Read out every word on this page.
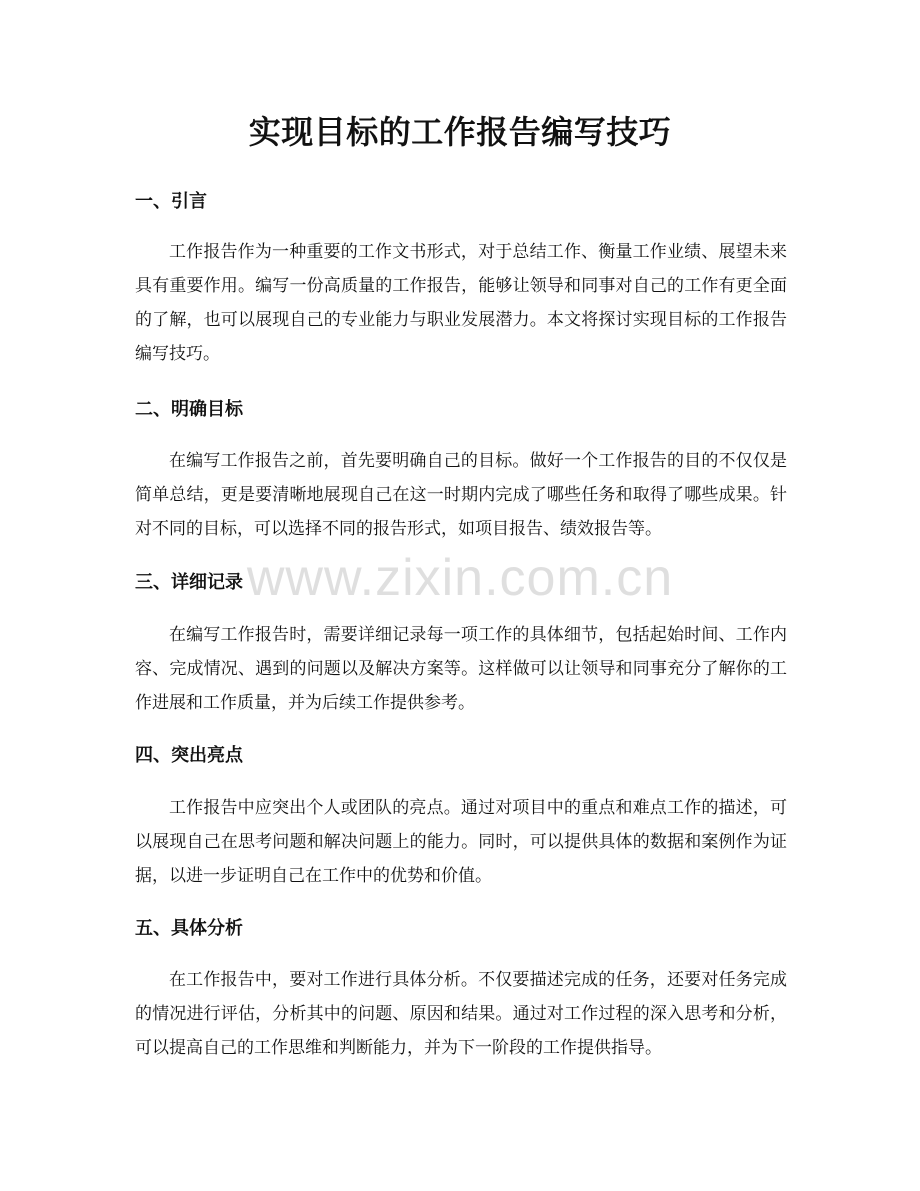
实现目标的工作报告编写技巧
www.zixin.com.cn
一、引言

工作报告作为一种重要的工作文书形式，对于总结工作、衡量工作业绩、展望未来具有重要作用。编写一份高质量的工作报告，能够让领导和同事对自己的工作有更全面的了解，也可以展现自己的专业能力与职业发展潜力。本文将探讨实现目标的工作报告编写技巧。

二、明确目标

在编写工作报告之前，首先要明确自己的目标。做好一个工作报告的目的不仅仅是简单总结，更是要清晰地展现自己在这一时期内完成了哪些任务和取得了哪些成果。针对不同的目标，可以选择不同的报告形式，如项目报告、绩效报告等。

三、详细记录

在编写工作报告时，需要详细记录每一项工作的具体细节，包括起始时间、工作内容、完成情况、遇到的问题以及解决方案等。这样做可以让领导和同事充分了解你的工作进展和工作质量，并为后续工作提供参考。

四、突出亮点

工作报告中应突出个人或团队的亮点。通过对项目中的重点和难点工作的描述，可以展现自己在思考问题和解决问题上的能力。同时，可以提供具体的数据和案例作为证据，以进一步证明自己在工作中的优势和价值。

五、具体分析

在工作报告中，要对工作进行具体分析。不仅要描述完成的任务，还要对任务完成的情况进行评估，分析其中的问题、原因和结果。通过对工作过程的深入思考和分析，可以提高自己的工作思维和判断能力，并为下一阶段的工作提供指导。
